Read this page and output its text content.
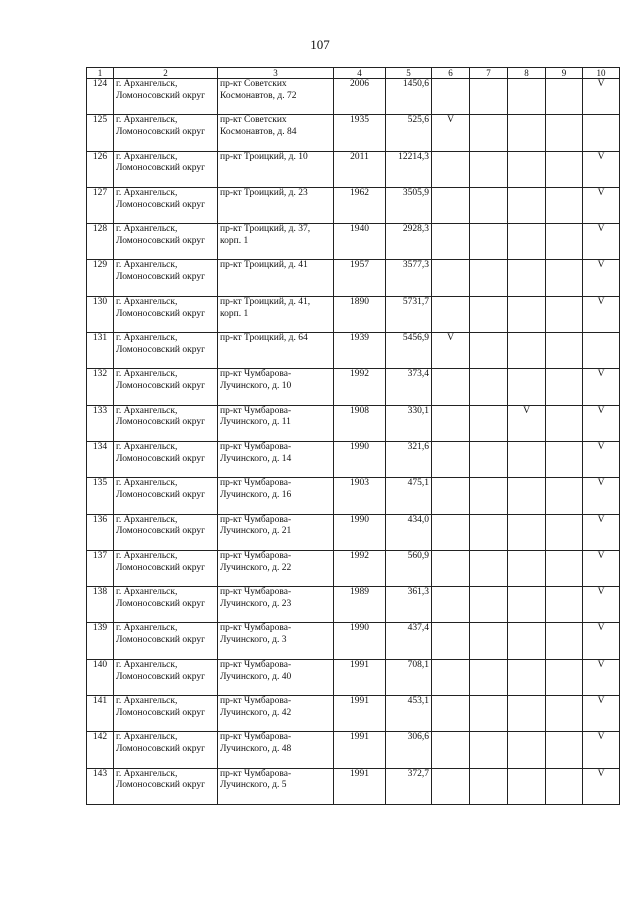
107
1	2	3	4	5	6	7	8	9	10
124	г. Архангельск, Ломоносовский округ	пр-кт Советских Космонавтов, д. 72	2006	1450,6					V
125	г. Архангельск, Ломоносовский округ	пр-кт Советских Космонавтов, д. 84	1935	525,6	V				
126	г. Архангельск, Ломоносовский округ	пр-кт Троицкий, д. 10	2011	12214,3					V
127	г. Архангельск, Ломоносовский округ	пр-кт Троицкий, д. 23	1962	3505,9					V
128	г. Архангельск, Ломоносовский округ	пр-кт Троицкий, д. 37, корп. 1	1940	2928,3					V
129	г. Архангельск, Ломоносовский округ	пр-кт Троицкий, д. 41	1957	3577,3					V
130	г. Архангельск, Ломоносовский округ	пр-кт Троицкий, д. 41, корп. 1	1890	5731,7					V
131	г. Архангельск, Ломоносовский округ	пр-кт Троицкий, д. 64	1939	5456,9	V				
132	г. Архангельск, Ломоносовский округ	пр-кт Чумбарова-Лучинского, д. 10	1992	373,4					V
133	г. Архангельск, Ломоносовский округ	пр-кт Чумбарова-Лучинского, д. 11	1908	330,1			V		V
134	г. Архангельск, Ломоносовский округ	пр-кт Чумбарова-Лучинского, д. 14	1990	321,6					V
135	г. Архангельск, Ломоносовский округ	пр-кт Чумбарова-Лучинского, д. 16	1903	475,1					V
136	г. Архангельск, Ломоносовский округ	пр-кт Чумбарова-Лучинского, д. 21	1990	434,0					V
137	г. Архангельск, Ломоносовский округ	пр-кт Чумбарова-Лучинского, д. 22	1992	560,9					V
138	г. Архангельск, Ломоносовский округ	пр-кт Чумбарова-Лучинского, д. 23	1989	361,3					V
139	г. Архангельск, Ломоносовский округ	пр-кт Чумбарова-Лучинского, д. 3	1990	437,4					V
140	г. Архангельск, Ломоносовский округ	пр-кт Чумбарова-Лучинского, д. 40	1991	708,1					V
141	г. Архангельск, Ломоносовский округ	пр-кт Чумбарова-Лучинского, д. 42	1991	453,1					V
142	г. Архангельск, Ломоносовский округ	пр-кт Чумбарова-Лучинского, д. 48	1991	306,6					V
143	г. Архангельск, Ломоносовский округ	пр-кт Чумбарова-Лучинского, д. 5	1991	372,7					V
